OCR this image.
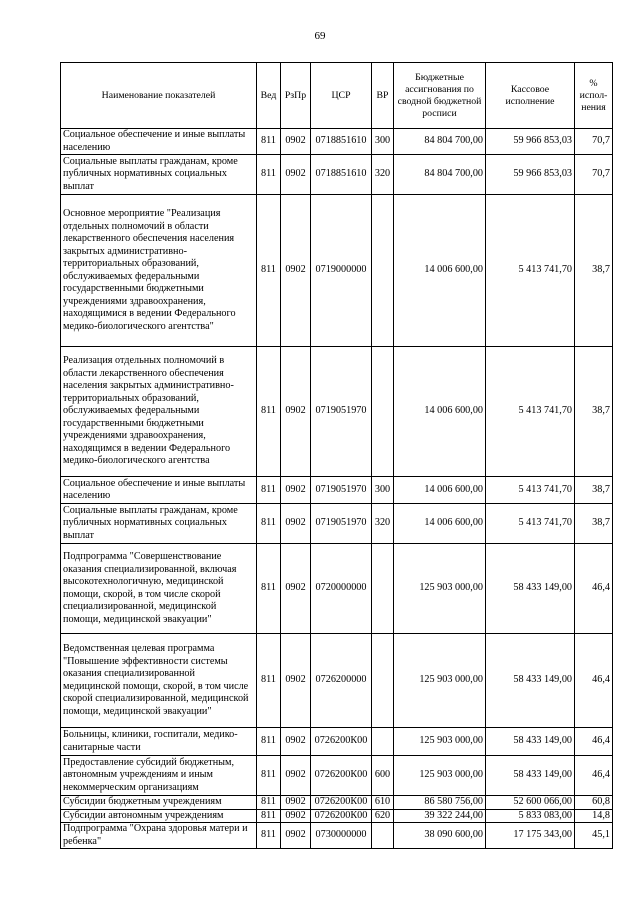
69
Наименование показателей	Вед	РзПр	ЦСР	ВР	Бюджетные ассигнования по сводной бюджетной росписи	Кассовое исполнение	% испол-нения
Социальное обеспечение и иные выплаты населению	811	0902	0718851610	300	84 804 700,00	59 966 853,03	70,7
Социальные выплаты гражданам, кроме публичных нормативных социальных выплат	811	0902	0718851610	320	84 804 700,00	59 966 853,03	70,7
Основное мероприятие "Реализация отдельных полномочий в области лекарственного обеспечения населения закрытых административно-территориальных образований, обслуживаемых федеральными государственными бюджетными учреждениями здравоохранения, находящимися в ведении Федерального медико-биологического агентства"	811	0902	0719000000		14 006 600,00	5 413 741,70	38,7
Реализация отдельных полномочий в области лекарственного обеспечения населения закрытых административно-территориальных образований, обслуживаемых федеральными государственными бюджетными учреждениями здравоохранения, находящимся в ведении Федерального медико-биологического агентства	811	0902	0719051970		14 006 600,00	5 413 741,70	38,7
Социальное обеспечение и иные выплаты населению	811	0902	0719051970	300	14 006 600,00	5 413 741,70	38,7
Социальные выплаты гражданам, кроме публичных нормативных социальных выплат	811	0902	0719051970	320	14 006 600,00	5 413 741,70	38,7
Подпрограмма "Совершенствование оказания специализированной, включая высокотехнологичную, медицинской помощи, скорой, в том числе скорой специализированной, медицинской помощи, медицинской эвакуации"	811	0902	0720000000		125 903 000,00	58 433 149,00	46,4
Ведомственная целевая программа "Повышение эффективности системы оказания специализированной медицинской помощи, скорой, в том числе скорой специализированной, медицинской помощи, медицинской эвакуации"	811	0902	0726200000		125 903 000,00	58 433 149,00	46,4
Больницы, клиники, госпитали, медико-санитарные части	811	0902	0726200К00		125 903 000,00	58 433 149,00	46,4
Предоставление субсидий бюджетным, автономным учреждениям и иным некоммерческим организациям	811	0902	0726200К00	600	125 903 000,00	58 433 149,00	46,4
Субсидии бюджетным учреждениям	811	0902	0726200К00	610	86 580 756,00	52 600 066,00	60,8
Субсидии автономным учреждениям	811	0902	0726200К00	620	39 322 244,00	5 833 083,00	14,8
Подпрограмма "Охрана здоровья матери и ребенка"	811	0902	0730000000		38 090 600,00	17 175 343,00	45,1
